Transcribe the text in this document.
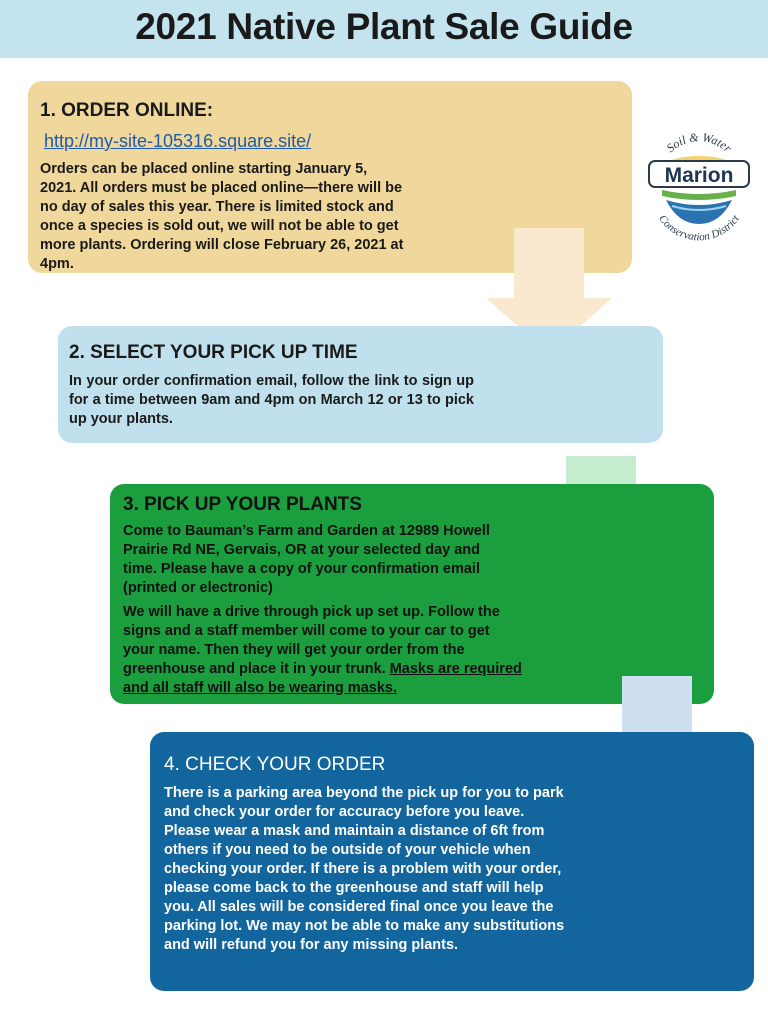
2021 Native Plant Sale Guide
1. ORDER ONLINE:
http://my-site-105316.square.site/
Orders can be placed online starting January 5, 2021. All orders must be placed online—there will be no day of sales this year. There is limited stock and once a species is sold out, we will not be able to get more plants. Ordering will close February 26, 2021 at 4pm.
Soil & Water
Marion
Conservation District
2. SELECT YOUR PICK UP TIME
In your order confirmation email, follow the link to sign up for a time between 9am and 4pm on March 12 or 13 to pick up your plants.
3. PICK UP YOUR PLANTS
Come to Bauman’s Farm and Garden at 12989 Howell Prairie Rd NE, Gervais, OR at your selected day and time. Please have a copy of your confirmation email (printed or electronic)
We will have a drive through pick up set up. Follow the signs and a staff member will come to your car to get your name. Then they will get your order from the greenhouse and place it in your trunk. Masks are required and all staff will also be wearing masks.
4. CHECK YOUR ORDER
There is a parking area beyond the pick up for you to park and check your order for accuracy before you leave. Please wear a mask and maintain a distance of 6ft from others if you need to be outside of your vehicle when checking your order. If there is a problem with your order, please come back to the greenhouse and staff will help you. All sales will be considered final once you leave the parking lot. We may not be able to make any substitutions and will refund you for any missing plants.
